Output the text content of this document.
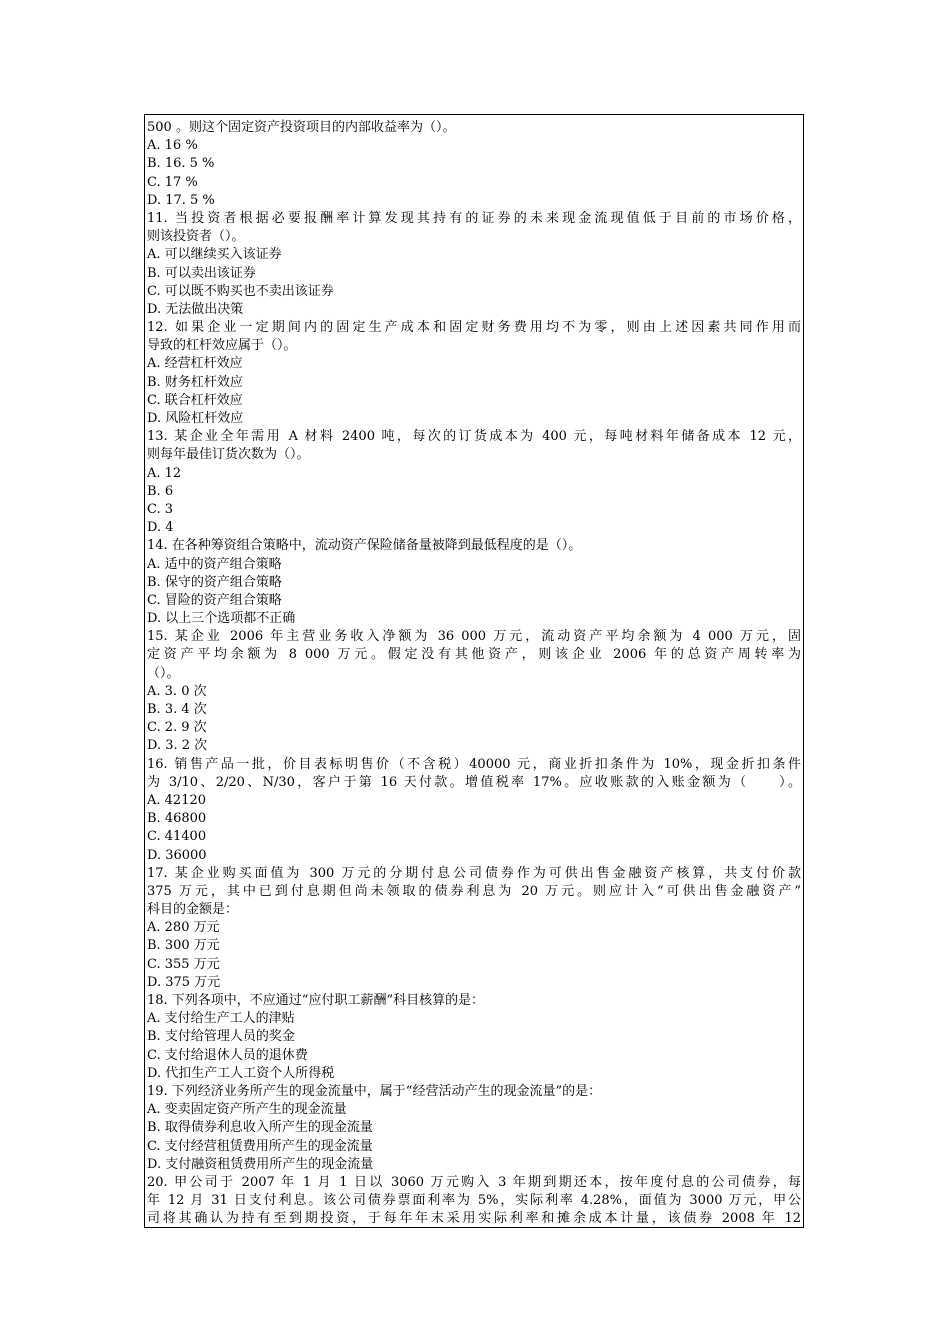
500 。则这个固定资产投资项目的内部收益率为（）。
A. 16 %
B. 16. 5 %
C. 17 %
D. 17. 5 %
11. 当投资者根据必要报酬率计算发现其持有的证券的未来现金流现值低于目前的市场价格，
则该投资者（）。
A. 可以继续买入该证券
B. 可以卖出该证券
C. 可以既不购买也不卖出该证券
D. 无法做出决策
12. 如果企业一定期间内的固定生产成本和固定财务费用均不为零，则由上述因素共同作用而
导致的杠杆效应属于（）。
A. 经营杠杆效应
B. 财务杠杆效应
C. 联合杠杆效应
D. 风险杠杆效应
13. 某企业全年需用 A 材料 2400 吨，每次的订货成本为 400 元，每吨材料年储备成本 12 元，
则每年最佳订货次数为（）。
A. 12
B. 6
C. 3
D. 4
14. 在各种筹资组合策略中，流动资产保险储备量被降到最低程度的是（）。
A. 适中的资产组合策略
B. 保守的资产组合策略
C. 冒险的资产组合策略
D. 以上三个选项都不正确
15. 某企业 2006 年主营业务收入净额为 36 000 万元，流动资产平均余额为 4 000 万元，固
定资产平均余额为 8 000 万元。假定没有其他资产，则该企业 2006 年的总资产周转率为
（）。
A. 3. 0 次
B. 3. 4 次
C. 2. 9 次
D. 3. 2 次
16. 销售产品一批，价目表标明售价（不含税）40000 元，商业折扣条件为 10%，现金折扣条件
为 3/10、2/20、N/30，客户于第 16 天付款。增值税率 17%。应收账款的入账金额为（　　）。
A. 42120
B. 46800
C. 41400
D. 36000
17. 某企业购买面值为 300 万元的分期付息公司债券作为可供出售金融资产核算，共支付价款
375 万元，其中已到付息期但尚未领取的债券利息为 20 万元。则应计入“可供出售金融资产”
科目的金额是：
A. 280 万元
B. 300 万元
C. 355 万元
D. 375 万元
18. 下列各项中，不应通过“应付职工薪酬”科目核算的是：
A. 支付给生产工人的津贴
B. 支付给管理人员的奖金
C. 支付给退休人员的退休费
D. 代扣生产工人工资个人所得税
19. 下列经济业务所产生的现金流量中，属于“经营活动产生的现金流量”的是：
A. 变卖固定资产所产生的现金流量
B. 取得债券利息收入所产生的现金流量
C. 支付经营租赁费用所产生的现金流量
D. 支付融资租赁费用所产生的现金流量
20. 甲公司于 2007 年 1 月 1 日以 3060 万元购入 3 年期到期还本，按年度付息的公司债券，每
年 12 月 31 日支付利息。该公司债券票面利率为 5%，实际利率 4.28%，面值为 3000 万元，甲公
司将其确认为持有至到期投资，于每年年末采用实际利率和摊余成本计量，该债券 2008 年 12
